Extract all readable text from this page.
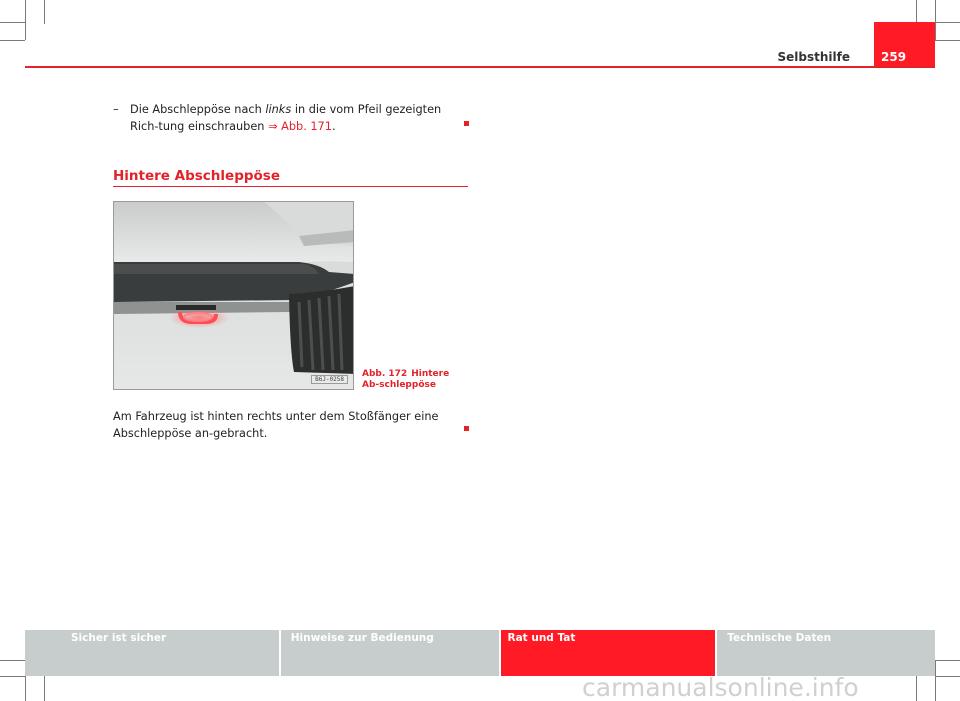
Selbsthilfe	259
– Die Abschleppöse nach links in die vom Pfeil gezeigten Rich-tung einschrauben ⇒ Abb. 171.
Hintere Abschleppöse
B6J-0258
Abb. 172 Hintere Ab-schleppöse
Am Fahrzeug ist hinten rechts unter dem Stoßfänger eine Abschleppöse an-gebracht.
Sicher ist sicher	Hinweise zur Bedienung	Rat und Tat	Technische Daten
carmanualsonline.info
